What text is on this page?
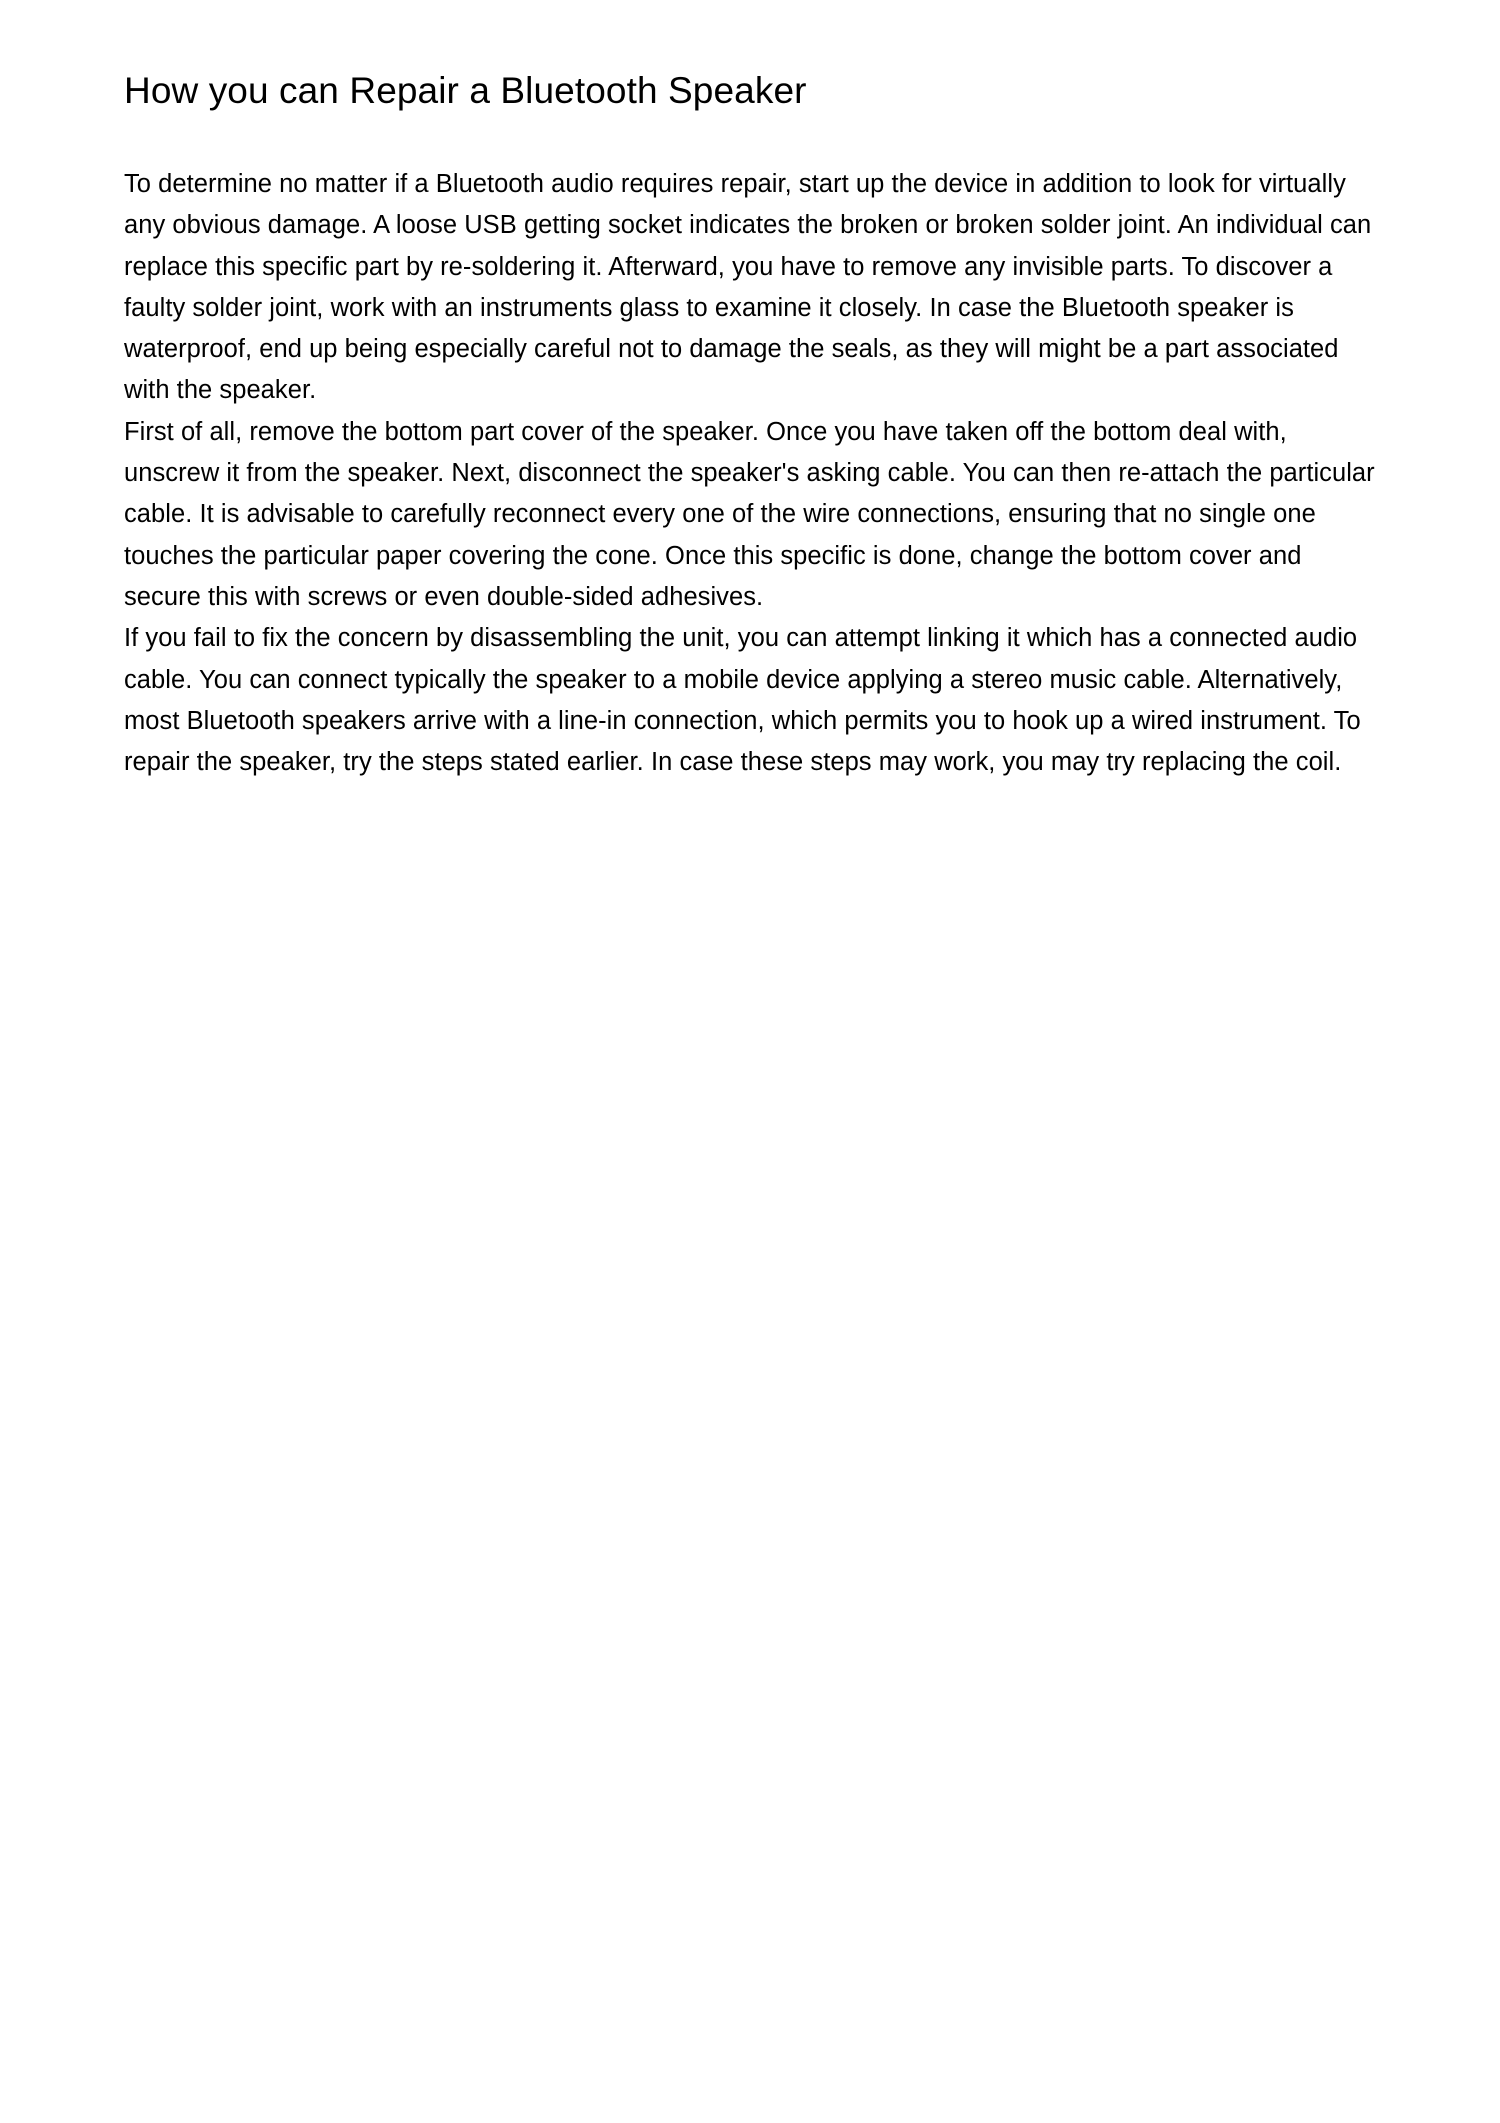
How you can Repair a Bluetooth Speaker

To determine no matter if a Bluetooth audio requires repair, start up the device in addition to look for virtually any obvious damage. A loose USB getting socket indicates the broken or broken solder joint. An individual can replace this specific part by re-soldering it. Afterward, you have to remove any invisible parts. To discover a faulty solder joint, work with an instruments glass to examine it closely. In case the Bluetooth speaker is waterproof, end up being especially careful not to damage the seals, as they will might be a part associated with the speaker.

First of all, remove the bottom part cover of the speaker. Once you have taken off the bottom deal with, unscrew it from the speaker. Next, disconnect the speaker's asking cable. You can then re-attach the particular cable. It is advisable to carefully reconnect every one of the wire connections, ensuring that no single one touches the particular paper covering the cone. Once this specific is done, change the bottom cover and secure this with screws or even double-sided adhesives.

If you fail to fix the concern by disassembling the unit, you can attempt linking it which has a connected audio cable. You can connect typically the speaker to a mobile device applying a stereo music cable. Alternatively, most Bluetooth speakers arrive with a line-in connection, which permits you to hook up a wired instrument. To repair the speaker, try the steps stated earlier. In case these steps may work, you may try replacing the coil.
